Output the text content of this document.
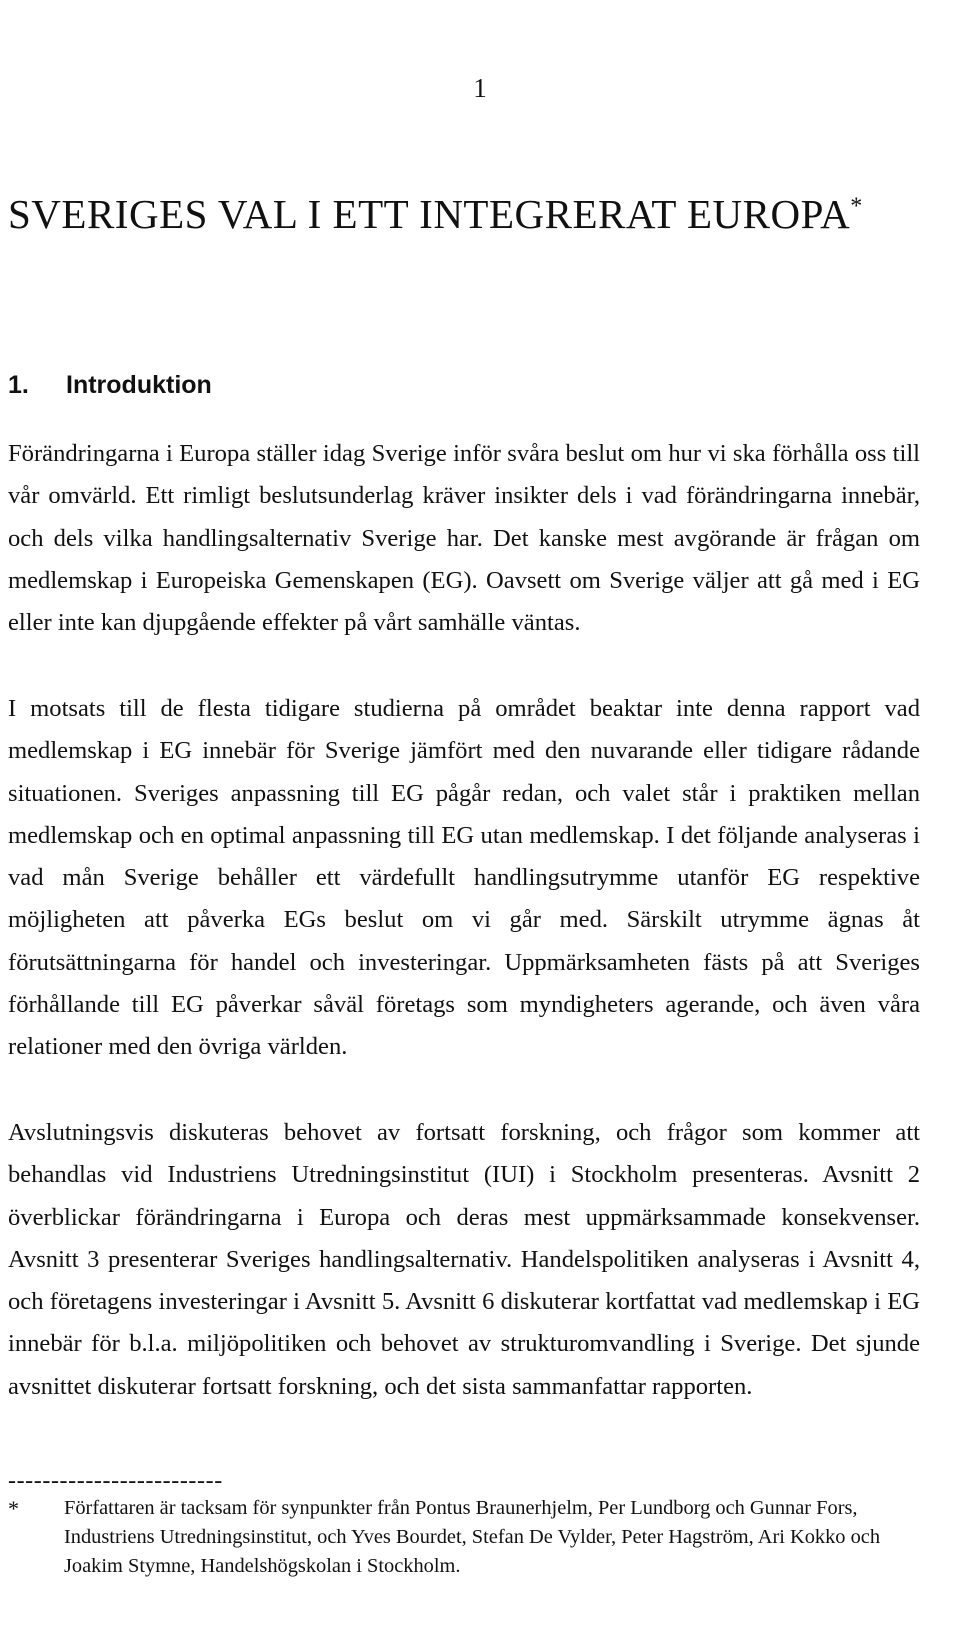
1
SVERIGES VAL I ETT INTEGRERAT EUROPA*
1. Introduktion

Förändringarna i Europa ställer idag Sverige inför svåra beslut om hur vi ska förhålla oss till vår omvärld. Ett rimligt beslutsunderlag kräver insikter dels i vad förändringarna innebär, och dels vilka handlingsalternativ Sverige har. Det kanske mest avgörande är frågan om medlemskap i Europeiska Gemenskapen (EG). Oavsett om Sverige väljer att gå med i EG eller inte kan djupgående effekter på vårt samhälle väntas.

I motsats till de flesta tidigare studierna på området beaktar inte denna rapport vad medlemskap i EG innebär för Sverige jämfört med den nuvarande eller tidigare rådande situationen. Sveriges anpassning till EG pågår redan, och valet står i praktiken mellan medlemskap och en optimal anpassning till EG utan medlemskap. I det följande analyseras i vad mån Sverige behåller ett värdefullt handlingsutrymme utanför EG respektive möjligheten att påverka EGs beslut om vi går med. Särskilt utrymme ägnas åt förutsättningarna för handel och investeringar. Uppmärksamheten fästs på att Sveriges förhållande till EG påverkar såväl företags som myndigheters agerande, och även våra relationer med den övriga världen.

Avslutningsvis diskuteras behovet av fortsatt forskning, och frågor som kommer att behandlas vid Industriens Utredningsinstitut (IUI) i Stockholm presenteras. Avsnitt 2 överblickar förändringarna i Europa och deras mest uppmärksammade konsekvenser. Avsnitt 3 presenterar Sveriges handlingsalternativ. Handelspolitiken analyseras i Avsnitt 4, och företagens investeringar i Avsnitt 5. Avsnitt 6 diskuterar kortfattat vad medlemskap i EG innebär för b.l.a. miljöpolitiken och behovet av strukturomvandling i Sverige. Det sjunde avsnittet diskuterar fortsatt forskning, och det sista sammanfattar rapporten.

-------------------------
* Författaren är tacksam för synpunkter från Pontus Braunerhjelm, Per Lundborg och Gunnar Fors, Industriens Utredningsinstitut, och Yves Bourdet, Stefan De Vylder, Peter Hagström, Ari Kokko och Joakim Stymne, Handelshögskolan i Stockholm.
